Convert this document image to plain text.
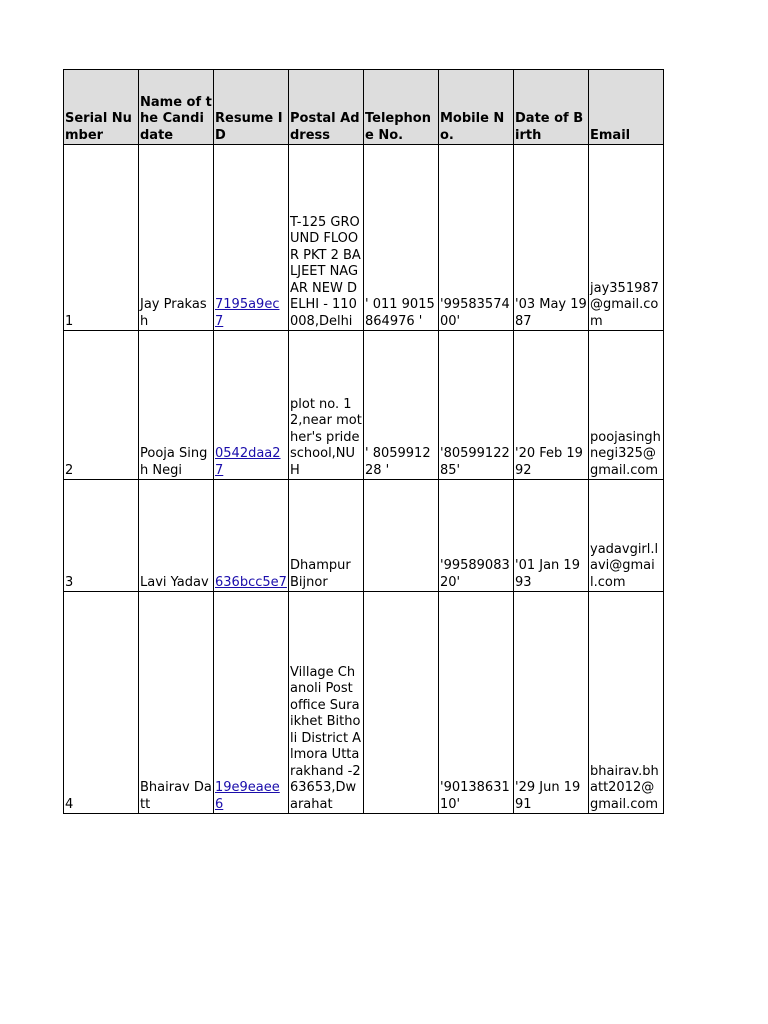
Serial Number	Name of the Candidate	Resume ID	Postal Address	Telephone No.	Mobile No.	Date of Birth	Email
1	Jay Prakash	7195a9ec7	T-125 GROUND FLOOR PKT 2 BALJEET NAGAR NEW DELHI - 110008,Delhi	' 011 9015864976 '	'9958357400'	'03 May 1987	jay351987@gmail.com
2	Pooja Singh Negi	0542daa27	plot no. 12,near mother's pride school,NUH	' 805991228 '	'8059912285'	'20 Feb 1992	poojasinghnegi325@gmail.com
3	Lavi Yadav	636bcc5e7	Dhampur Bijnor		'9958908320'	'01 Jan 1993	yadavgirl.lavi@gmail.com
4	Bhairav Datt	19e9eaee6	Village Chanoli Post office Suraikhet Bitholi District Almora Uttarakhand -263653,Dwarahat		'9013863110'	'29 Jun 1991	bhairav.bhatt2012@gmail.com
